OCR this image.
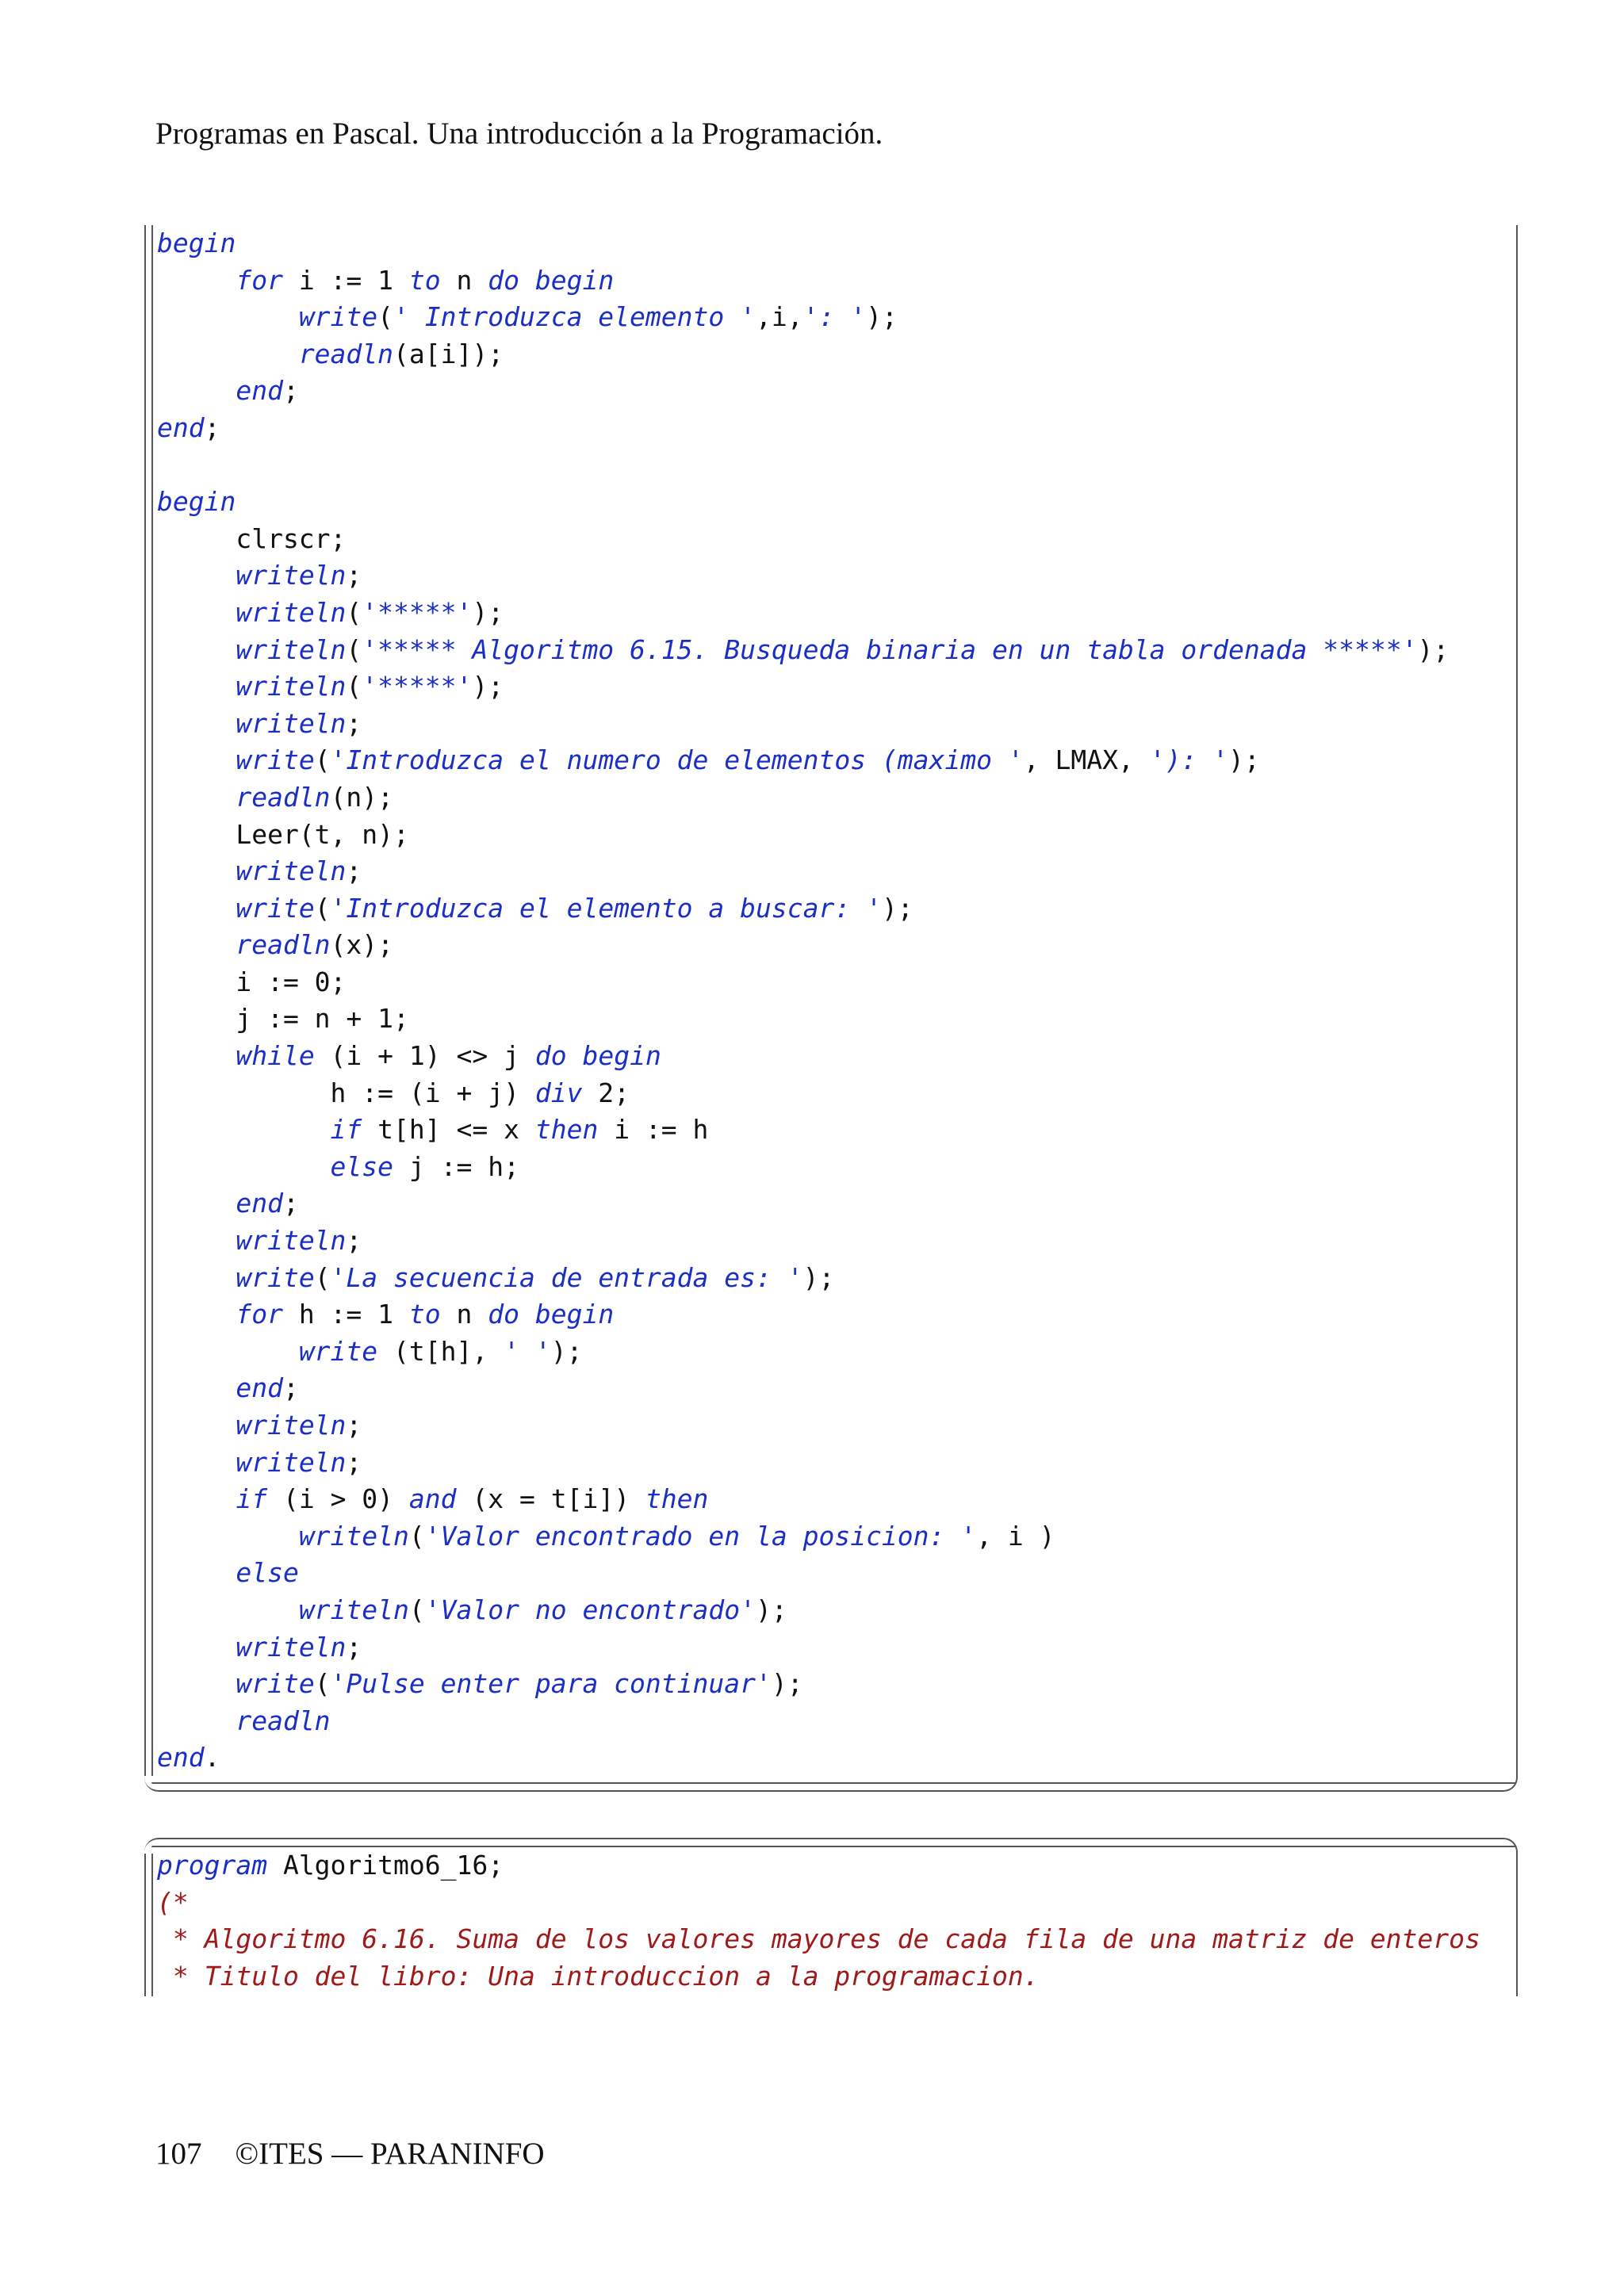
Programas en Pascal. Una introducción a la Programación.
begin
for i := 1 to n do begin
write(' Introduzca elemento ',i,': ');
readln(a[i]);
end;
end;

begin
clrscr;
writeln;
writeln('*****');
writeln('***** Algoritmo 6.15. Busqueda binaria en un tabla ordenada *****');
writeln('*****');
writeln;
write('Introduzca el numero de elementos (maximo ', LMAX, '): ');
readln(n);
Leer(t, n);
writeln;
write('Introduzca el elemento a buscar: ');
readln(x);
i := 0;
j := n + 1;
while (i + 1) <> j do begin
h := (i + j) div 2;
if t[h] <= x then i := h
else j := h;
end;
writeln;
write('La secuencia de entrada es: ');
for h := 1 to n do begin
write (t[h], ' ');
end;
writeln;
writeln;
if (i > 0) and (x = t[i]) then
writeln('Valor encontrado en la posicion: ', i )
else
writeln('Valor no encontrado');
writeln;
write('Pulse enter para continuar');
readln
end.
program Algoritmo6_16;
(*
* Algoritmo 6.16. Suma de los valores mayores de cada fila de una matriz de enteros
* Titulo del libro: Una introduccion a la programacion.
107 ©ITES — PARANINFO
